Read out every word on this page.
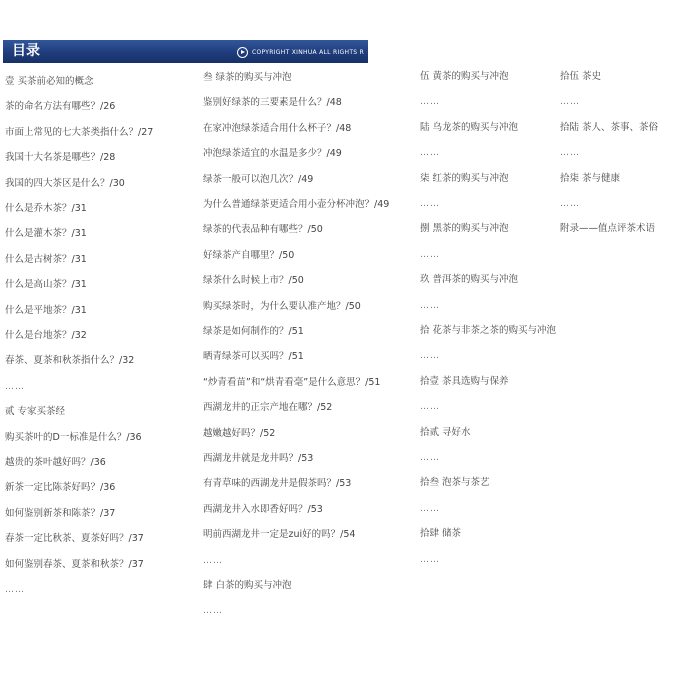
目录	COPYRIGHT XINHUA ALL RIGHTS R
壹 买茶前必知的概念
茶的命名方法有哪些？/26
市面上常见的七大茶类指什么？/27
我国十大名茶是哪些？/28
我国的四大茶区是什么？/30
什么是乔木茶？/31
什么是灌木茶？/31
什么是古树茶？/31
什么是高山茶？/31
什么是平地茶？/31
什么是台地茶？/32
春茶、夏茶和秋茶指什么？/32
……
贰 专家买茶经
购买茶叶的D一标准是什么？/36
越贵的茶叶越好吗？/36
新茶一定比陈茶好吗？/36
如何鉴别新茶和陈茶？/37
春茶一定比秋茶、夏茶好吗？/37
如何鉴别春茶、夏茶和秋茶？/37
……
叁 绿茶的购买与冲泡
鉴别好绿茶的三要素是什么？/48
在家冲泡绿茶适合用什么杯子？/48
冲泡绿茶适宜的水温是多少？/49
绿茶一般可以泡几次？/49
为什么普通绿茶更适合用小壶分杯冲泡？/49
绿茶的代表品种有哪些？/50
好绿茶产自哪里？/50
绿茶什么时候上市？/50
购买绿茶时，为什么要认准产地？/50
绿茶是如何制作的？/51
晒青绿茶可以买吗？/51
“炒青看苗”和“烘青看毫”是什么意思？/51
西湖龙井的正宗产地在哪？/52
越嫩越好吗？/52
西湖龙井就是龙井吗？/53
有青草味的西湖龙井是假茶吗？/53
西湖龙井入水即香好吗？/53
明前西湖龙井一定是zui好的吗？/54
……
肆 白茶的购买与冲泡
……
伍 黄茶的购买与冲泡
……
陆 乌龙茶的购买与冲泡
……
柒 红茶的购买与冲泡
……
捌 黑茶的购买与冲泡
……
玖 普洱茶的购买与冲泡
……
拾 花茶与非茶之茶的购买与冲泡
……
拾壹 茶具选购与保养
……
拾贰 寻好水
……
拾叁 泡茶与茶艺
……
拾肆 储茶
……
拾伍 茶史
……
拾陆 茶人、茶事、茶俗
……
拾柒 茶与健康
……
附录——值点评茶术语
